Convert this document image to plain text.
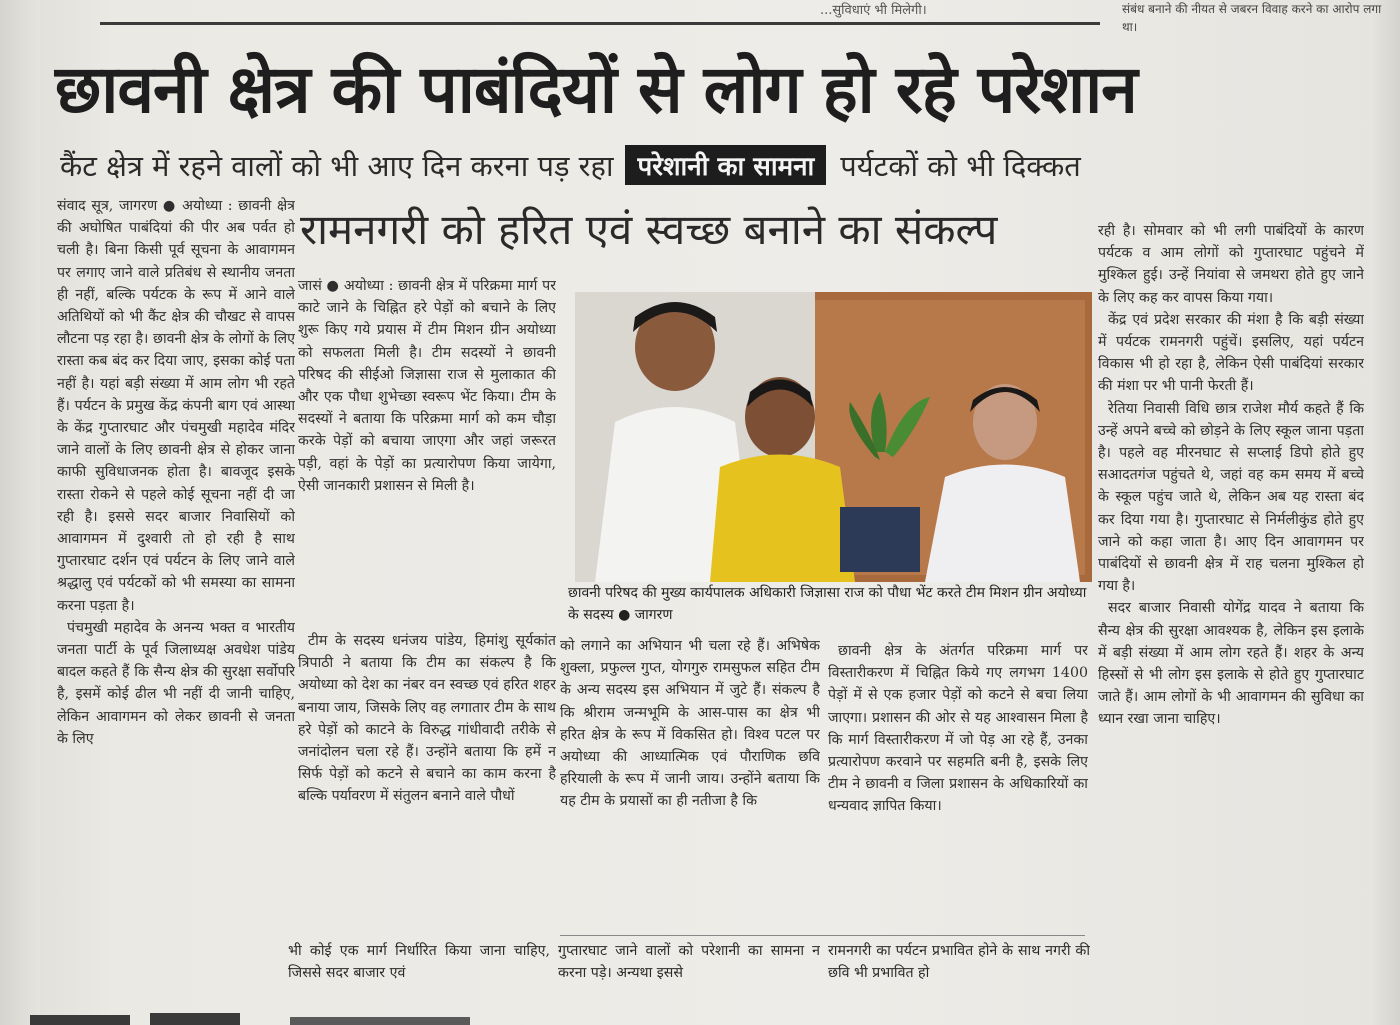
...सुविधाएं भी मिलेगी।	संबंध बनाने की नीयत से जबरन विवाह करने का आरोप लगा था।
छावनी क्षेत्र की पाबंदियों से लोग हो रहे परेशान
कैंट क्षेत्र में रहने वालों को भी आए दिन करना पड़ रहा परेशानी का सामना पर्यटकों को भी दिक्कत

संवाद सूत्र, जागरण ● अयोध्या : छावनी क्षेत्र की अघोषित पाबंदियां की पीर अब पर्वत हो चली है। बिना किसी पूर्व सूचना के आवागमन पर लगाए जाने वाले प्रतिबंध से स्थानीय जनता ही नहीं, बल्कि पर्यटक के रूप में आने वाले अतिथियों को भी कैंट क्षेत्र की चौखट से वापस लौटना पड़ रहा है। छावनी क्षेत्र के लोगों के लिए रास्ता कब बंद कर दिया जाए, इसका कोई पता नहीं है। यहां बड़ी संख्या में आम लोग भी रहते हैं। पर्यटन के प्रमुख केंद्र कंपनी बाग एवं आस्था के केंद्र गुप्तारघाट और पंचमुखी महादेव मंदिर जाने वालों के लिए छावनी क्षेत्र से होकर जाना काफी सुविधाजनक होता है। बावजूद इसके रास्ता रोकने से पहले कोई सूचना नहीं दी जा रही है। इससे सदर बाजार निवासियों को आवागमन में दुश्वारी तो हो रही है साथ गुप्तारघाट दर्शन एवं पर्यटन के लिए जाने वाले श्रद्धालु एवं पर्यटकों को भी समस्या का सामना करना पड़ता है।

पंचमुखी महादेव के अनन्य भक्त व भारतीय जनता पार्टी के पूर्व जिलाध्यक्ष अवधेश पांडेय बादल कहते हैं कि सैन्य क्षेत्र की सुरक्षा सर्वोपरि है, इसमें कोई ढील भी नहीं दी जानी चाहिए, लेकिन आवागमन को लेकर छावनी से जनता के लिए

रामनगरी को हरित एवं स्वच्छ बनाने का संकल्प

जासं ● अयोध्या : छावनी क्षेत्र में परिक्रमा मार्ग पर काटे जाने के चिह्नित हरे पेड़ों को बचाने के लिए शुरू किए गये प्रयास में टीम मिशन ग्रीन अयोध्या को सफलता मिली है। टीम सदस्यों ने छावनी परिषद की सीईओ जिज्ञासा राज से मुलाकात की और एक पौधा शुभेच्छा स्वरूप भेंट किया। टीम के सदस्यों ने बताया कि परिक्रमा मार्ग को कम चौड़ा करके पेड़ों को बचाया जाएगा और जहां जरूरत पड़ी, वहां के पेड़ों का प्रत्यारोपण किया जायेगा, ऐसी जानकारी प्रशासन से मिली है।

टीम के सदस्य धनंजय पांडेय, हिमांशु सूर्यकांत त्रिपाठी ने बताया कि टीम का संकल्प है कि अयोध्या को देश का नंबर वन स्वच्छ एवं हरित शहर बनाया जाय, जिसके लिए वह लगातार टीम के साथ हरे पेड़ों को काटने के विरुद्ध गांधीवादी तरीके से जनांदोलन चला रहे हैं। उन्होंने बताया कि हमें न सिर्फ पेड़ों को कटने से बचाने का काम करना है बल्कि पर्यावरण में संतुलन बनाने वाले पौधों

छावनी परिषद की मुख्य कार्यपालक अधिकारी जिज्ञासा राज को पौधा भेंट करते टीम मिशन ग्रीन अयोध्या के सदस्य ● जागरण

को लगाने का अभियान भी चला रहे हैं। अभिषेक शुक्ला, प्रफुल्ल गुप्त, योगगुरु रामसुफल सहित टीम के अन्य सदस्य इस अभियान में जुटे हैं। संकल्प है कि श्रीराम जन्मभूमि के आस-पास का क्षेत्र भी हरित क्षेत्र के रूप में विकसित हो। विश्व पटल पर अयोध्या की आध्यात्मिक एवं पौराणिक छवि हरियाली के रूप में जानी जाय। उन्होंने बताया कि यह टीम के प्रयासों का ही नतीजा है कि

छावनी क्षेत्र के अंतर्गत परिक्रमा मार्ग पर विस्तारीकरण में चिह्नित किये गए लगभग 1400 पेड़ों में से एक हजार पेड़ों को कटने से बचा लिया जाएगा। प्रशासन की ओर से यह आश्वासन मिला है कि मार्ग विस्तारीकरण में जो पेड़ आ रहे हैं, उनका प्रत्यारोपण करवाने पर सहमति बनी है, इसके लिए टीम ने छावनी व जिला प्रशासन के अधिकारियों का धन्यवाद ज्ञापित किया।

रही है। सोमवार को भी लगी पाबंदियों के कारण पर्यटक व आम लोगों को गुप्तारघाट पहुंचने में मुश्किल हुई। उन्हें नियांवा से जमथरा होते हुए जाने के लिए कह कर वापस किया गया।

केंद्र एवं प्रदेश सरकार की मंशा है कि बड़ी संख्या में पर्यटक रामनगरी पहुंचें। इसलिए, यहां पर्यटन विकास भी हो रहा है, लेकिन ऐसी पाबंदियां सरकार की मंशा पर भी पानी फेरती हैं।

रेतिया निवासी विधि छात्र राजेश मौर्य कहते हैं कि उन्हें अपने बच्चे को छोड़ने के लिए स्कूल जाना पड़ता है। पहले वह मीरनघाट से सप्लाई डिपो होते हुए सआदतगंज पहुंचते थे, जहां वह कम समय में बच्चे के स्कूल पहुंच जाते थे, लेकिन अब यह रास्ता बंद कर दिया गया है। गुप्तारघाट से निर्मलीकुंड होते हुए जाने को कहा जाता है। आए दिन आवागमन पर पाबंदियों से छावनी क्षेत्र में राह चलना मुश्किल हो गया है।

सदर बाजार निवासी योगेंद्र यादव ने बताया कि सैन्य क्षेत्र की सुरक्षा आवश्यक है, लेकिन इस इलाके में बड़ी संख्या में आम लोग रहते हैं। शहर के अन्य हिस्सों से भी लोग इस इलाके से होते हुए गुप्तारघाट जाते हैं। आम लोगों के भी आवागमन की सुविधा का ध्यान रखा जाना चाहिए।

भी कोई एक मार्ग निर्धारित किया जाना चाहिए, जिससे सदर बाजार एवं
गुप्तारघाट जाने वालों को परेशानी का सामना न करना पड़े। अन्यथा इससे
रामनगरी का पर्यटन प्रभावित होने के साथ नगरी की छवि भी प्रभावित हो
